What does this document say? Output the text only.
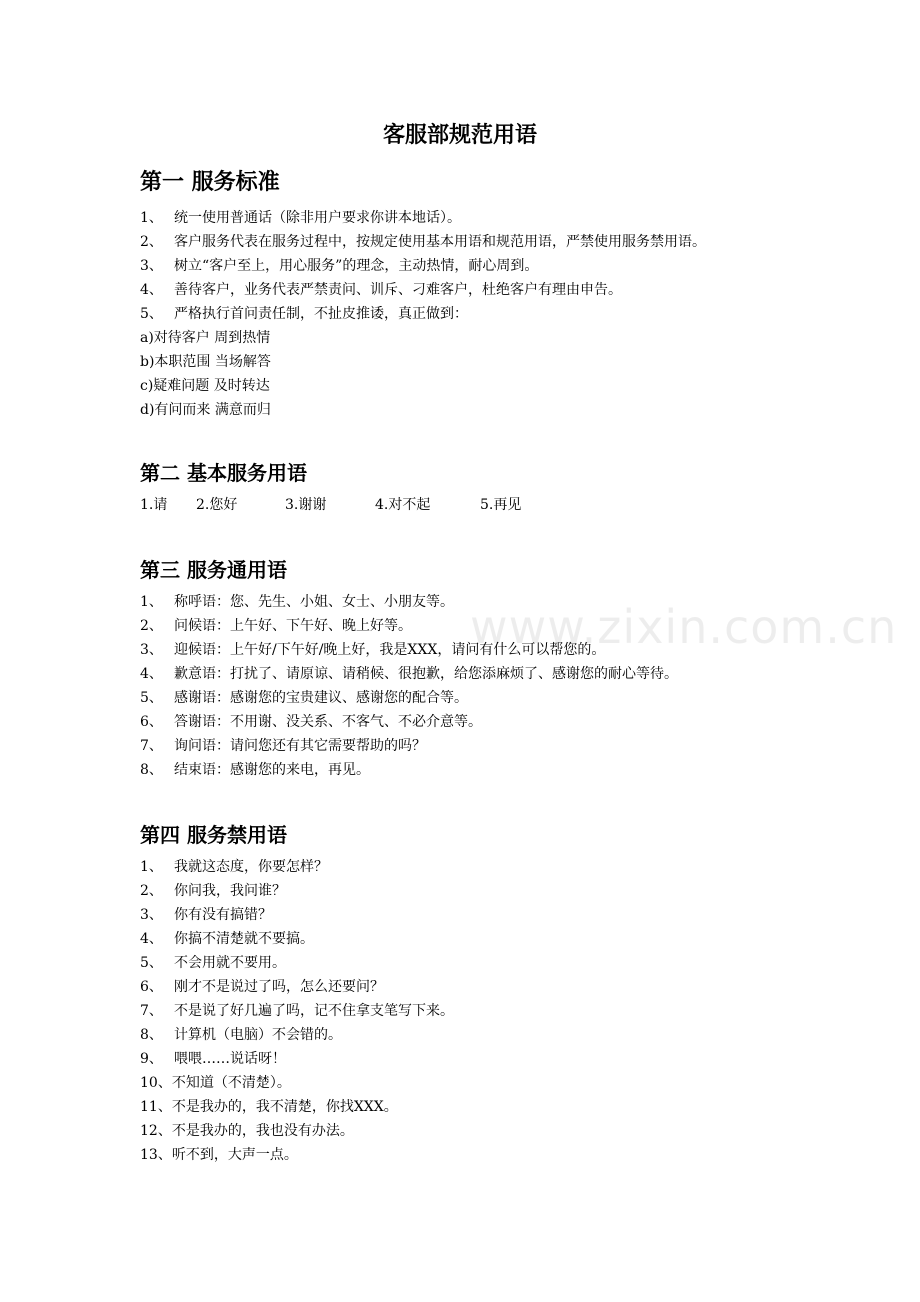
www.zixin.com.cn
客服部规范用语
第一 服务标准
1、 统一使用普通话（除非用户要求你讲本地话）。
2、 客户服务代表在服务过程中，按规定使用基本用语和规范用语，严禁使用服务禁用语。
3、 树立“客户至上，用心服务”的理念，主动热情，耐心周到。
4、 善待客户，业务代表严禁责问、训斥、刁难客户，杜绝客户有理由申告。
5、 严格执行首问责任制，不扯皮推诿，真正做到：
a)对待客户 周到热情
b)本职范围 当场解答
c)疑难问题 及时转达
d)有问而来 满意而归
第二 基本服务用语
1.请 2.您好	3.谢谢	4.对不起	5.再见
第三 服务通用语
1、 称呼语：您、先生、小姐、女士、小朋友等。
2、 问候语：上午好、下午好、晚上好等。
3、 迎候语：上午好/下午好/晚上好，我是XXX，请问有什么可以帮您的。
4、 歉意语：打扰了、请原谅、请稍候、很抱歉，给您添麻烦了、感谢您的耐心等待。
5、 感谢语：感谢您的宝贵建议、感谢您的配合等。
6、 答谢语：不用谢、没关系、不客气、不必介意等。
7、 询问语：请问您还有其它需要帮助的吗？
8、 结束语：感谢您的来电，再见。
第四 服务禁用语
1、 我就这态度，你要怎样？
2、 你问我，我问谁？
3、 你有没有搞错？
4、 你搞不清楚就不要搞。
5、 不会用就不要用。
6、 刚才不是说过了吗，怎么还要问？
7、 不是说了好几遍了吗，记不住拿支笔写下来。
8、 计算机（电脑）不会错的。
9、 喂喂……说话呀！
10、 不知道（不清楚）。
11、 不是我办的，我不清楚，你找XXX。
12、 不是我办的，我也没有办法。
13、 听不到，大声一点。
